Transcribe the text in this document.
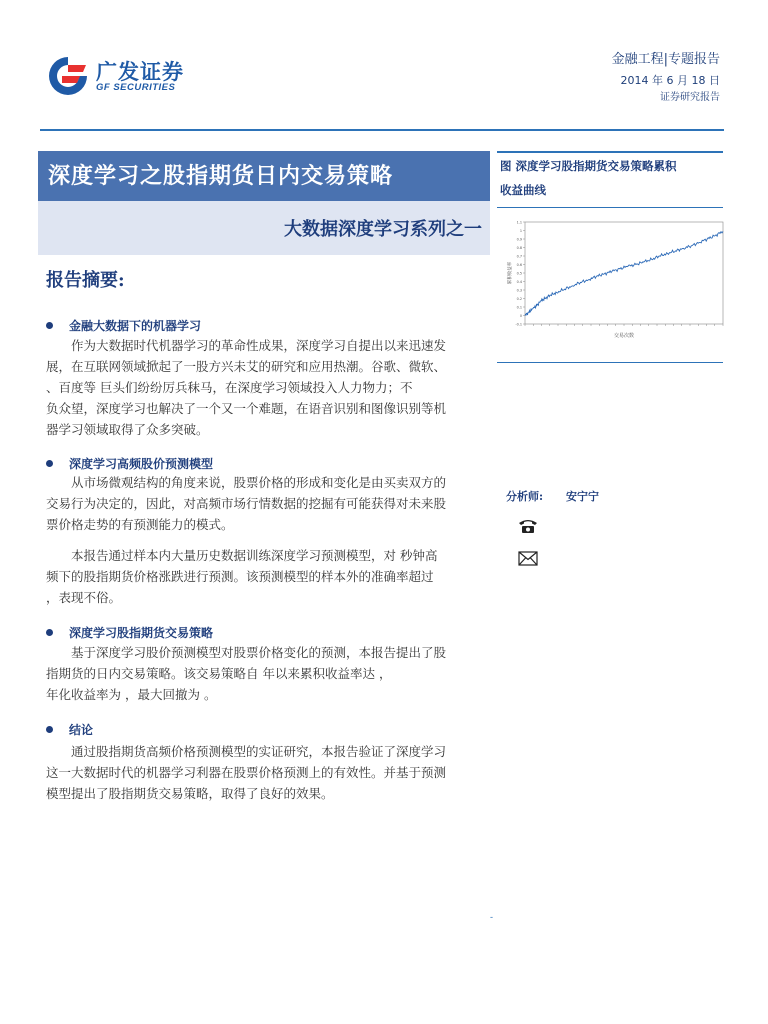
广发证券
GF SECURITIES
金融工程|专题报告
2014 年 6 月 18 日
证券研究报告
深度学习之股指期货日内交易策略
大数据深度学习系列之一
报告摘要:
金融大数据下的机器学习
作为大数据时代机器学习的革命性成果，深度学习自提出以来迅速发
展，在互联网领域掀起了一股方兴未艾的研究和应用热潮。谷歌、微软、
、百度等 巨头们纷纷厉兵秣马，在深度学习领域投入人力物力；不
负众望，深度学习也解决了一个又一个难题，在语音识别和图像识别等机
器学习领域取得了众多突破。
深度学习高频股价预测模型
从市场微观结构的角度来说，股票价格的形成和变化是由买卖双方的
交易行为决定的，因此，对高频市场行情数据的挖掘有可能获得对未来股
票价格走势的有预测能力的模式。
本报告通过样本内大量历史数据训练深度学习预测模型，对 秒钟高
频下的股指期货价格涨跌进行预测。该预测模型的样本外的准确率超过
，表现不俗。
深度学习股指期货交易策略
基于深度学习股价预测模型对股票价格变化的预测，本报告提出了股
指期货的日内交易策略。该交易策略自 年以来累积收益率达 ，
年化收益率为 ，最大回撤为 。
结论
通过股指期货高频价格预测模型的实证研究，本报告验证了深度学习
这一大数据时代的机器学习利器在股票价格预测上的有效性。并基于预测
模型提出了股指期货交易策略，取得了良好的效果。
图 深度学习股指期货交易策略累积
收益曲线
-0.1
0
0.1
0.2
0.3
0.4
0.5
0.6
0.7
0.8
0.9
1
1.1
交易次数
累积收益率
分析师: 安宁宁
-
